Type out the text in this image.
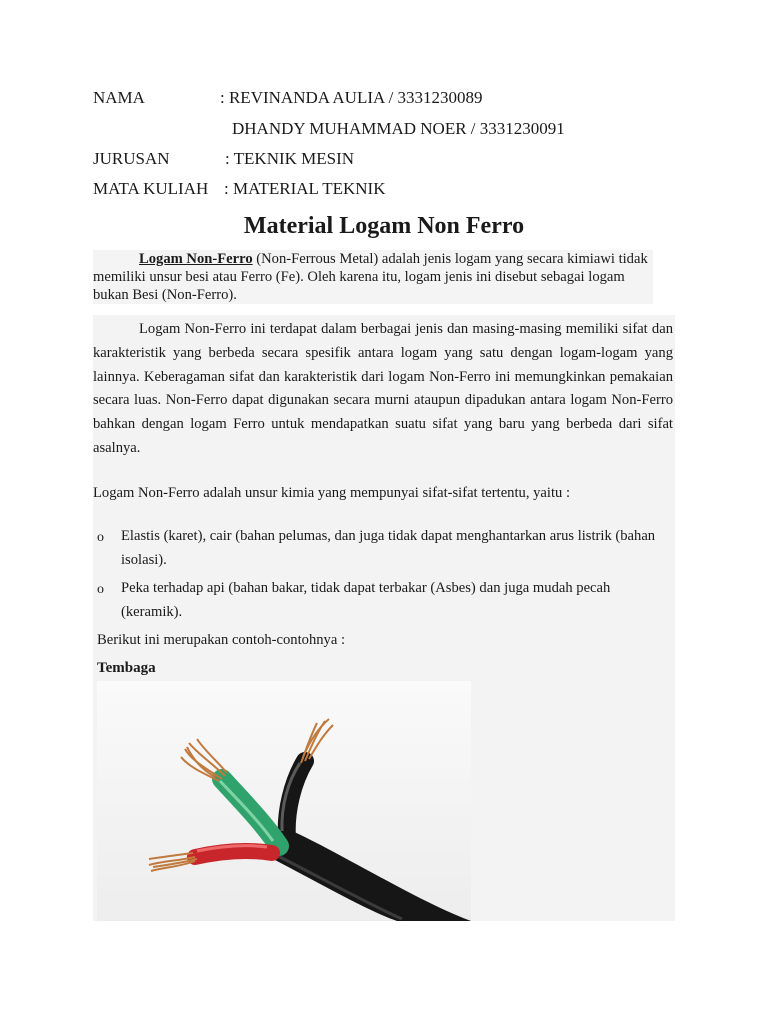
NAMA	: REVINANDA AULIA / 3331230089
DHANDY MUHAMMAD NOER / 3331230091
JURUSAN	: TEKNIK MESIN
MATA KULIAH : MATERIAL TEKNIK
Material Logam Non Ferro
Logam Non-Ferro (Non-Ferrous Metal) adalah jenis logam yang secara kimiawi tidak memiliki unsur besi atau Ferro (Fe). Oleh karena itu, logam jenis ini disebut sebagai logam bukan Besi (Non-Ferro).
Logam Non-Ferro ini terdapat dalam berbagai jenis dan masing-masing memiliki sifat dan karakteristik yang berbeda secara spesifik antara logam yang satu dengan logam-logam yang lainnya. Keberagaman sifat dan karakteristik dari logam Non-Ferro ini memungkinkan pemakaian secara luas. Non-Ferro dapat digunakan secara murni ataupun dipadukan antara logam Non-Ferro bahkan dengan logam Ferro untuk mendapatkan suatu sifat yang baru yang berbeda dari sifat asalnya.
Logam Non-Ferro adalah unsur kimia yang mempunyai sifat-sifat tertentu, yaitu :
o Elastis (karet), cair (bahan pelumas, dan juga tidak dapat menghantarkan arus listrik (bahan isolasi).
o Peka terhadap api (bahan bakar, tidak dapat terbakar (Asbes) dan juga mudah pecah (keramik).
Berikut ini merupakan contoh-contohnya :
Tembaga
